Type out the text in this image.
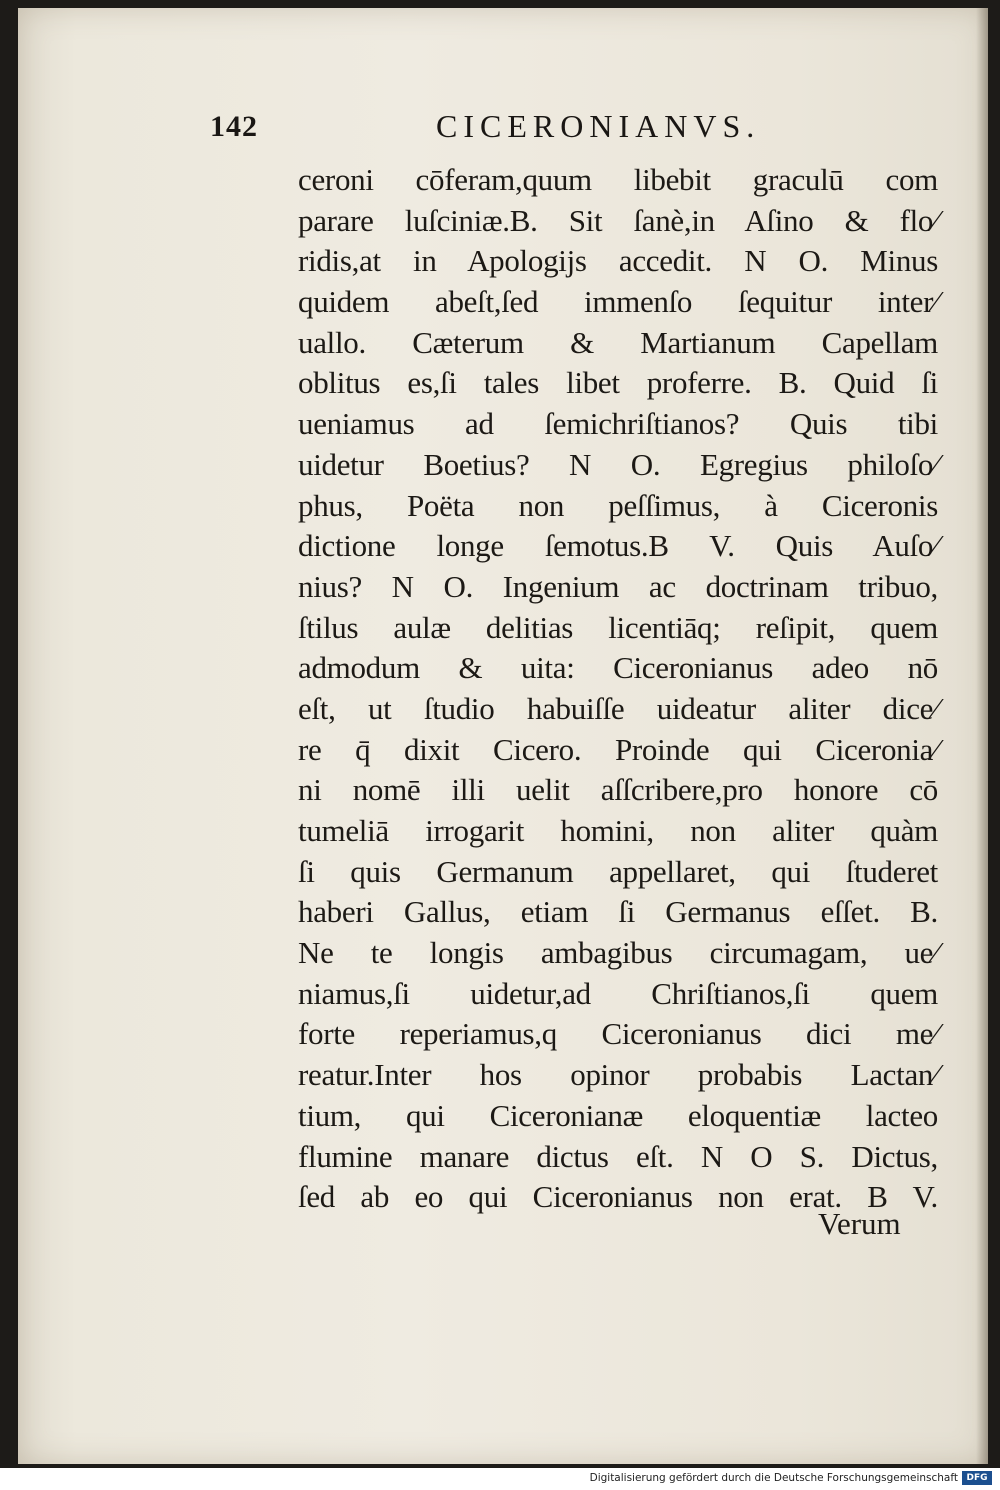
142	CICERONIANVS.
ceroni cōferam,quum libebit graculū com
parare luſciniæ.B. Sit ſanè,in Aſino & flo⁄
ridis,at in Apologijs accedit. N O. Minus
quidem abeſt,ſed immenſo ſequitur inter⁄
uallo. Cæterum & Martianum Capellam
oblitus es,ſi tales libet proferre. B. Quid ſi
ueniamus ad ſemichriſtianos? Quis tibi
uidetur Boetius? N O. Egregius philoſo⁄
phus, Poëta non peſſimus, à Ciceronis
dictione longe ſemotus.B V. Quis Auſo⁄
nius? N O. Ingenium ac doctrinam tribuo,
ſtilus aulæ delitias licentiāq; reſipit, quem
admodum & uita: Ciceronianus adeo nō
eſt, ut ſtudio habuiſſe uideatur aliter dice⁄
re q̄ dixit Cicero. Proinde qui Ciceronia⁄
ni nomē illi uelit aſſcribere,pro honore cō
tumeliā irrogarit homini, non aliter quàm
ſi quis Germanum appellaret, qui ſtuderet
haberi Gallus, etiam ſi Germanus eſſet. B.
Ne te longis ambagibus circumagam, ue⁄
niamus,ſi uidetur,ad Chriſtianos,ſi quem
forte reperiamus,q Ciceronianus dici me⁄
reatur.Inter hos opinor probabis Lactan⁄
tium, qui Ciceronianæ eloquentiæ lacteo
flumine manare dictus eſt. N O S. Dictus,
ſed ab eo qui Ciceronianus non erat. B V.
Verum
Digitalisierung gefördert durch die Deutsche Forschungsgemeinschaft DFG
